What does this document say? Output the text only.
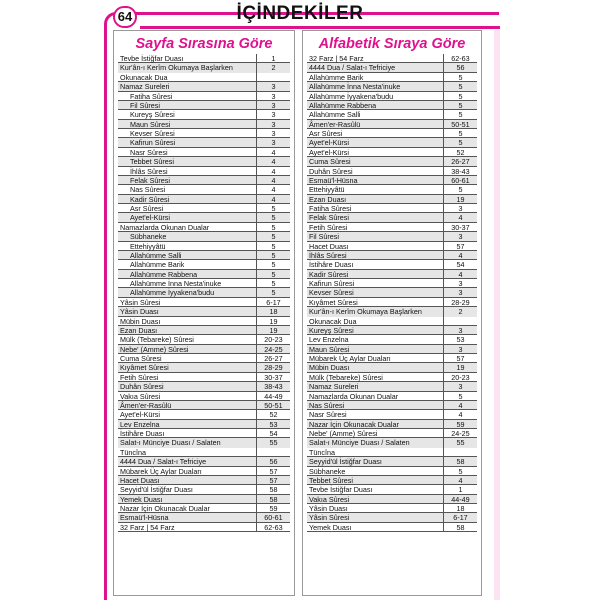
İÇİNDEKİLER
64
Sayfa Sırasına Göre
Tevbe İstiğfar Duası	1
Kur'ân-ı Kerîm Okumaya Başlarken	2
Okunacak Dua
Namaz Sureleri	3
Fatiha Sûresi	3
Fil Sûresi	3
Kureyş Sûresi	3
Maun Sûresi	3
Kevser Sûresi	3
Kafirun Sûresi	3
Nasr Sûresi	4
Tebbet Sûresi	4
İhlâs Sûresi	4
Felak Sûresi	4
Nas Sûresi	4
Kadir Sûresi	4
Asr Sûresi	5
Ayet'el-Kürsi	5
Namazlarda Okunan Dualar	5
Sübhaneke	5
Ettehiyyâtü	5
Allahümme Salli	5
Allahümme Barik	5
Allahümme Rabbena	5
Allahümme İnna Nesta'inuke	5
Allahümme İyyakena'budu	5
Yâsin Sûresi	6-17
Yâsin Duası	18
Mübin Duası	19
Ezan Duası	19
Mülk (Tebareke) Sûresi	20-23
Nebe' (Amme) Sûresi	24-25
Cuma Sûresi	26-27
Kıyâmet Sûresi	28-29
Fetih Sûresi	30-37
Duhân Sûresi	38-43
Vakıa Sûresi	44-49
Âmen'er-Rasûlü	50-51
Ayet'el-Kürsi	52
Lev Enzelna	53
İstihâre Duası	54
Salat-ı Münciye Duası / Salaten	55
Tüncîna
4444 Dua / Salat-ı Tefriciye	56
Mübarek Üç Aylar Duaları	57
Hacet Duası	57
Seyyid'ül İstiğfar Duası	58
Yemek Duası	58
Nazar İçin Okunacak Dualar	59
Esmaü'l-Hüsna	60-61
32 Farz | 54 Farz	62-63
Alfabetik Sıraya Göre
32 Farz | 54 Farz	62-63
4444 Dua / Salat-ı Tefriciye	56
Allahümme Barik	5
Allahümme İnna Nesta'inuke	5
Allahümme İyyakena'budu	5
Allahümme Rabbena	5
Allahümme Salli	5
Âmen'er-Rasûlü	50-51
Asr Sûresi	5
Ayet'el-Kürsi	5
Ayet'el-Kürsi	52
Cuma Sûresi	26-27
Duhân Sûresi	38-43
Esmaü'l-Hüsna	60-61
Ettehiyyâtü	5
Ezan Duası	19
Fatiha Sûresi	3
Felak Sûresi	4
Fetih Sûresi	30-37
Fil Sûresi	3
Hacet Duası	57
İhlâs Sûresi	4
İstihâre Duası	54
Kadir Sûresi	4
Kafirun Sûresi	3
Kevser Sûresi	3
Kıyâmet Sûresi	28-29
Kur'ân-ı Kerîm Okumaya Başlarken	2
Okunacak Dua
Kureyş Sûresi	3
Lev Enzelna	53
Maun Sûresi	3
Mübarek Üç Aylar Duaları	57
Mübin Duası	19
Mülk (Tebareke) Sûresi	20-23
Namaz Sureleri	3
Namazlarda Okunan Dualar	5
Nas Sûresi	4
Nasr Sûresi	4
Nazar İçin Okunacak Dualar	59
Nebe' (Amme) Sûresi	24-25
Salat-ı Münciye Duası / Salaten	55
Tüncîna
Seyyid'ül İstiğfar Duası	58
Sübhaneke	5
Tebbet Sûresi	4
Tevbe İstiğfar Duası	1
Vakıa Sûresi	44-49
Yâsin Duası	18
Yâsin Sûresi	6-17
Yemek Duası	58
